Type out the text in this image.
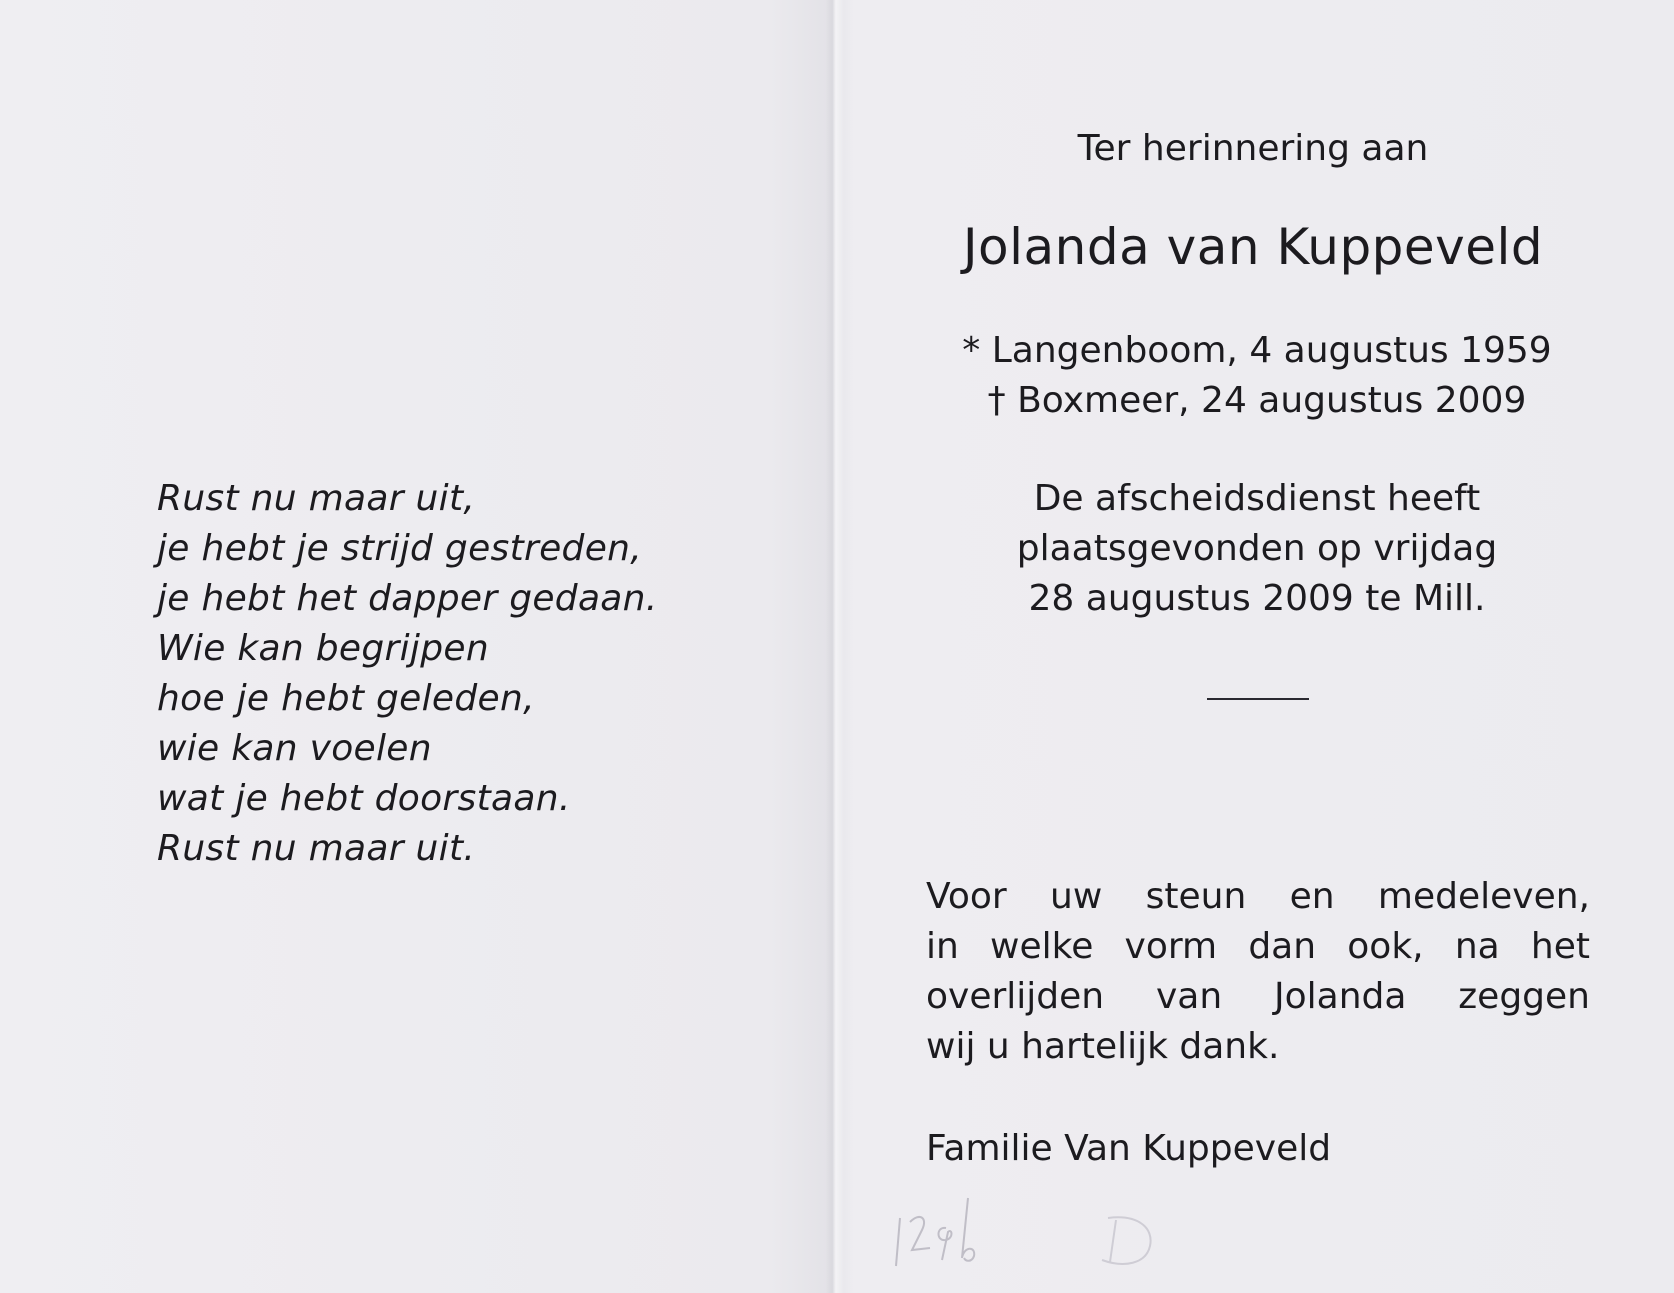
Rust nu maar uit,
je hebt je strijd gestreden,
je hebt het dapper gedaan.
Wie kan begrijpen
hoe je hebt geleden,
wie kan voelen
wat je hebt doorstaan.
Rust nu maar uit.
Ter herinnering aan
Jolanda van Kuppeveld
* Langenboom, 4 augustus 1959
† Boxmeer, 24 augustus 2009
De afscheidsdienst heeft
plaatsgevonden op vrijdag
28 augustus 2009 te Mill.
Voor uw steun en medeleven,
in welke vorm dan ook, na het
overlijden van Jolanda zeggen
wij u hartelijk dank.
Familie Van Kuppeveld
